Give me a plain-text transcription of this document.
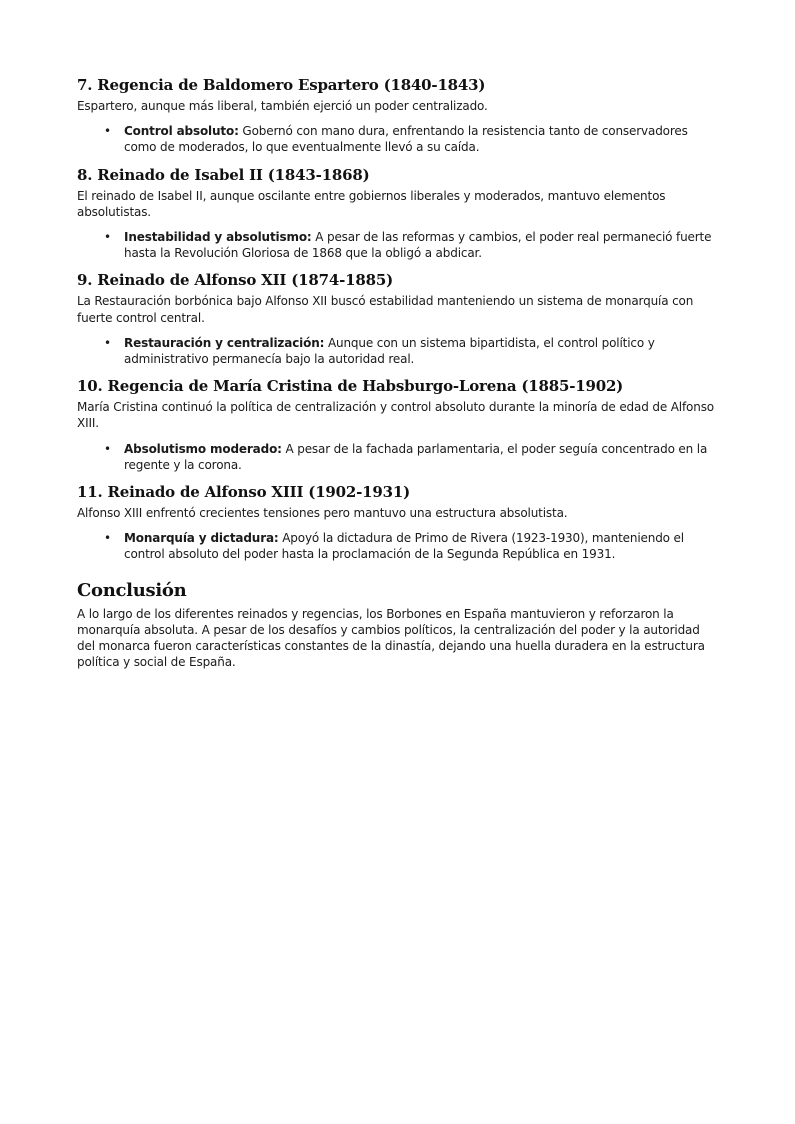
7. Regencia de Baldomero Espartero (1840-1843)

Espartero, aunque más liberal, también ejerció un poder centralizado.

• Control absoluto: Gobernó con mano dura, enfrentando la resistencia tanto de conservadores como de moderados, lo que eventualmente llevó a su caída.
8. Reinado de Isabel II (1843-1868)

El reinado de Isabel II, aunque oscilante entre gobiernos liberales y moderados, mantuvo elementos absolutistas.

• Inestabilidad y absolutismo: A pesar de las reformas y cambios, el poder real permaneció fuerte hasta la Revolución Gloriosa de 1868 que la obligó a abdicar.
9. Reinado de Alfonso XII (1874-1885)

La Restauración borbónica bajo Alfonso XII buscó estabilidad manteniendo un sistema de monarquía con fuerte control central.

• Restauración y centralización: Aunque con un sistema bipartidista, el control político y administrativo permanecía bajo la autoridad real.
10. Regencia de María Cristina de Habsburgo-Lorena (1885-1902)

María Cristina continuó la política de centralización y control absoluto durante la minoría de edad de Alfonso XIII.

• Absolutismo moderado: A pesar de la fachada parlamentaria, el poder seguía concentrado en la regente y la corona.
11. Reinado de Alfonso XIII (1902-1931)

Alfonso XIII enfrentó crecientes tensiones pero mantuvo una estructura absolutista.

• Monarquía y dictadura: Apoyó la dictadura de Primo de Rivera (1923-1930), manteniendo el control absoluto del poder hasta la proclamación de la Segunda República en 1931.
Conclusión

A lo largo de los diferentes reinados y regencias, los Borbones en España mantuvieron y reforzaron la monarquía absoluta. A pesar de los desafíos y cambios políticos, la centralización del poder y la autoridad del monarca fueron características constantes de la dinastía, dejando una huella duradera en la estructura política y social de España.
